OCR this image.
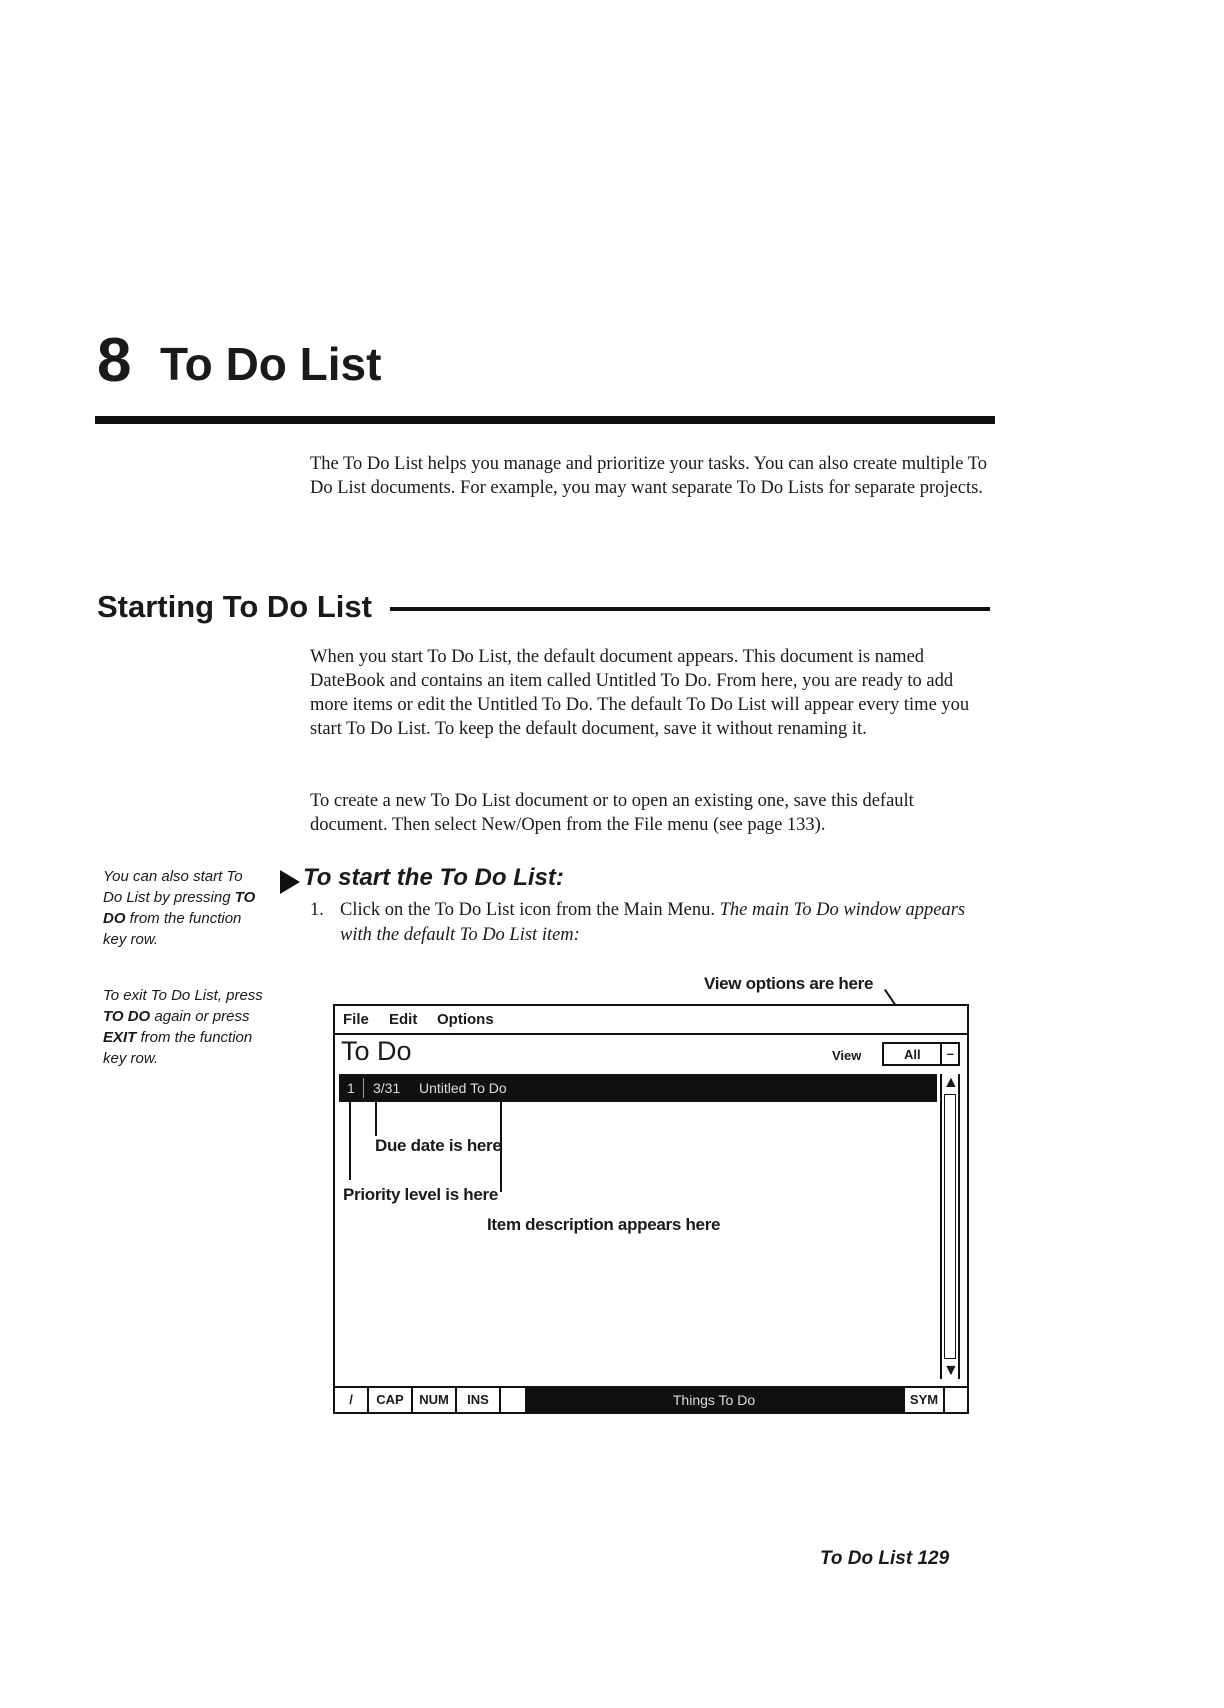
8 To Do List

The To Do List helps you manage and prioritize your tasks. You can also create multiple To Do List documents. For example, you may want separate To Do Lists for separate projects.

Starting To Do List

When you start To Do List, the default document appears. This document is named DateBook and contains an item called Untitled To Do. From here, you are ready to add more items or edit the Untitled To Do. The default To Do List will appear every time you start To Do List. To keep the default document, save it without renaming it.

To create a new To Do List document or to open an existing one, save this default document. Then select New/Open from the File menu (see page 133).

You can also start To Do List by pressing TO DO from the function key row.
To exit To Do List, press TO DO again or press EXIT from the function key row.
To start the To Do List:
1. Click on the To Do List icon from the Main Menu. The main To Do window appears with the default To Do List item:
View options are here
File Edit Options
To Do	View	All –
1 3/31 Untitled To Do	▲
▼
Due date is here
Priority level is here
Item description appears here
/	CAP	NUM	INS	Things To Do	SYM
To Do List 129
